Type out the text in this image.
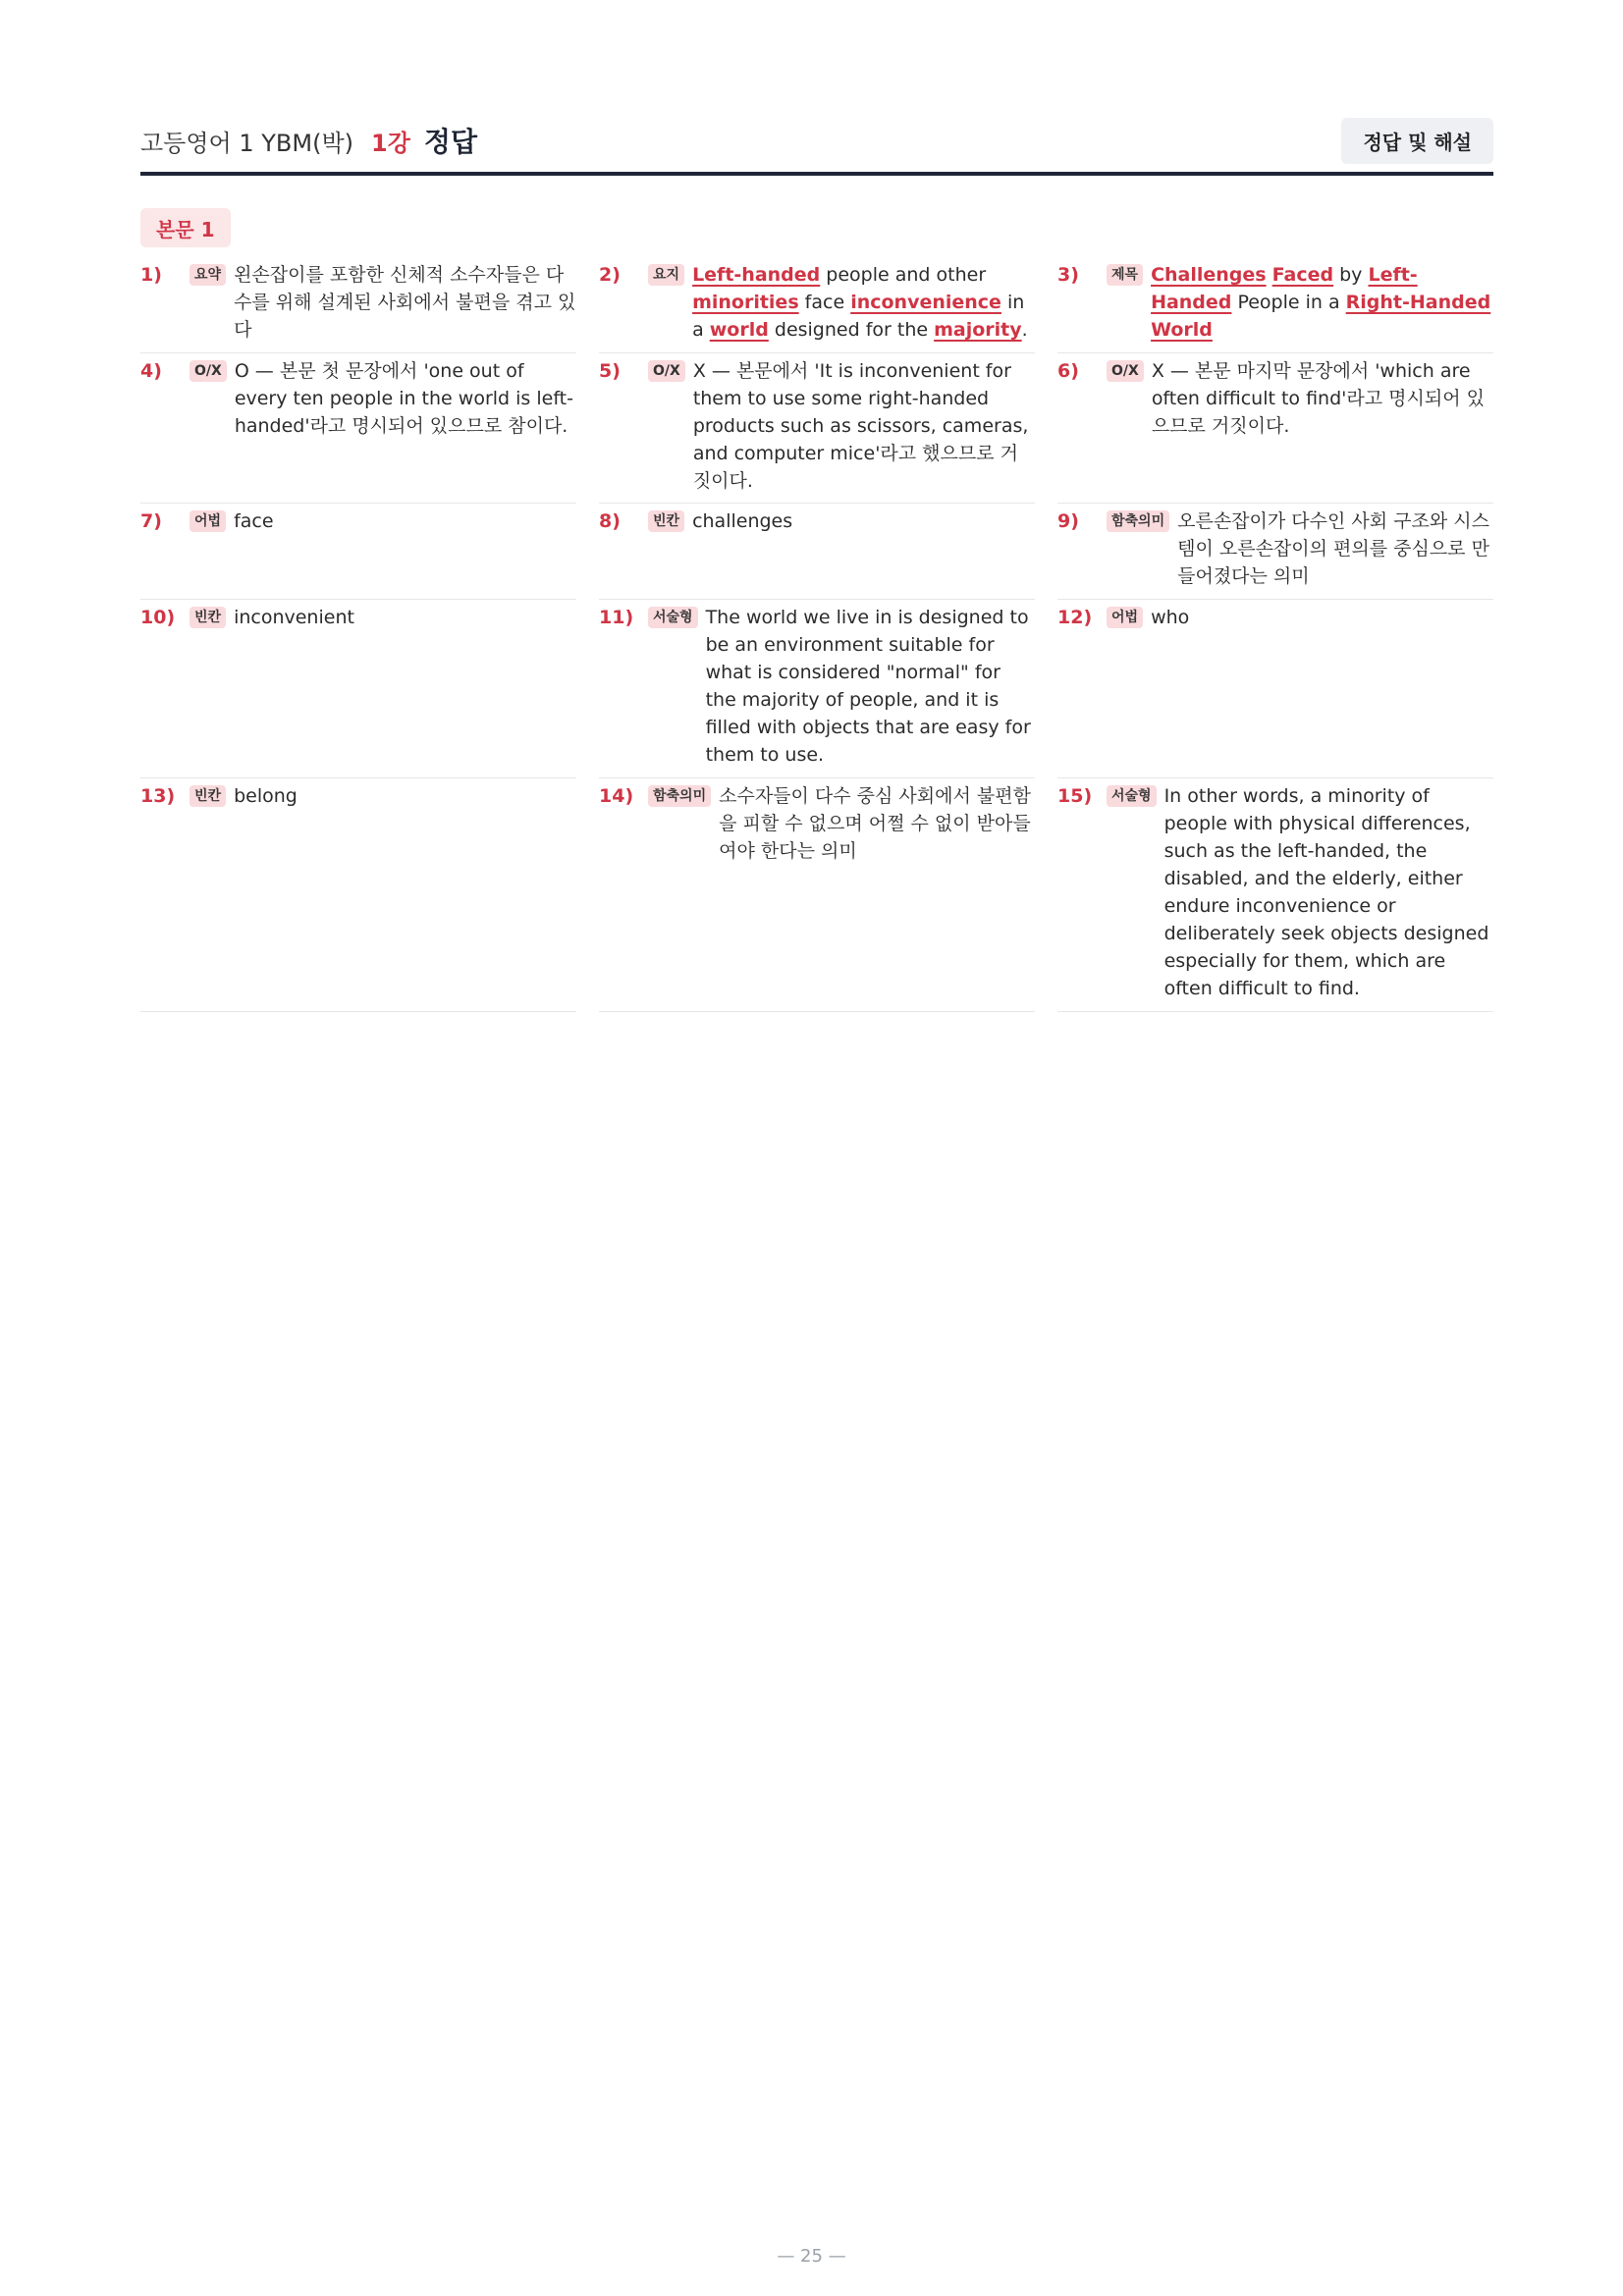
고등영어 1 YBM(박) 1강 정답	정답 및 해설
본문 1
1)	요약 왼손잡이를 포함한 신체적 소수자들은 다수를 위해 설계된 사회에서 불편을 겪고 있다
2)	요지 Left-handed people and other minorities face inconvenience in a world designed for the majority.
3)	제목 Challenges Faced by Left-Handed People in a Right-Handed World
4)	O/X O — 본문 첫 문장에서 'one out of every ten people in the world is left-handed'라고 명시되어 있으므로 참이다.
5)	O/X X — 본문에서 'It is inconvenient for them to use some right-handed products such as scissors, cameras, and computer mice'라고 했으므로 거짓이다.
6)	O/X X — 본문 마지막 문장에서 'which are often difficult to find'라고 명시되어 있으므로 거짓이다.
7)	어법 face	8)	빈칸 challenges	9)	함축의미 오른손잡이가 다수인 사회 구조와 시스템이 오른손잡이의 편의를 중심으로 만들어졌다는 의미
10)	빈칸 inconvenient	11)	서술형 The world we live in is designed to be an environment suitable for what is considered "normal" for the majority of people, and it is filled with objects that are easy for them to use.
12)	어법 who
13)	빈칸 belong	14)	함축의미 소수자들이 다수 중심 사회에서 불편함을 피할 수 없으며 어쩔 수 없이 받아들여야 한다는 의미
15)	서술형 In other words, a minority of people with physical differences, such as the left-handed, the disabled, and the elderly, either endure inconvenience or deliberately seek objects designed especially for them, which are often difficult to find.
— 25 —
